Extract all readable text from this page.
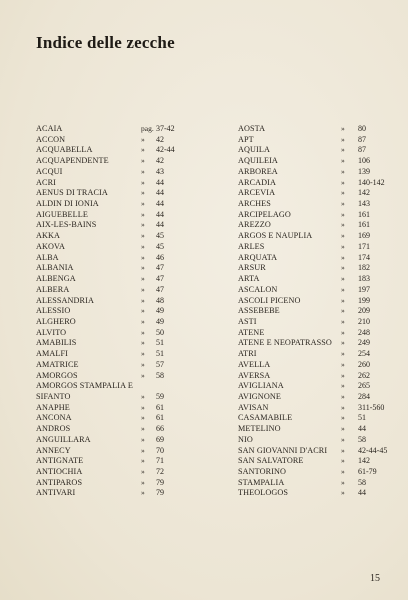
Indice delle zecche
ACAIA	pag. 37-42
ACCON	» 42
ACQUABELLA	» 42-44
ACQUAPENDENTE	» 42
ACQUI	» 43
ACRI	» 44
AENUS DI TRACIA	» 44
ALDIN DI IONIA	» 44
AIGUEBELLE	» 44
AIX-LES-BAINS	» 44
AKKA	» 45
AKOVA	» 45
ALBA	» 46
ALBANIA	» 47
ALBENGA	» 47
ALBERA	» 47
ALESSANDRIA	» 48
ALESSIO	» 49
ALGHERO	» 49
ALVITO	» 50
AMABILIS	» 51
AMALFI	» 51
AMATRICE	» 57
AMORGOS	» 58
AMORGOS STAMPALIA E
SIFANTO	» 59
ANAPHE	» 61
ANCONA	» 61
ANDROS	» 66
ANGUILLARA	» 69
ANNECY	» 70
ANTIGNATE	» 71
ANTIOCHIA	» 72
ANTIPAROS	» 79
ANTIVARI	» 79
AOSTA	» 80
APT	» 87
AQUILA	» 87
AQUILEIA	» 106
ARBOREA	» 139
ARCADIA	» 140-142
ARCEVIA	» 142
ARCHES	» 143
ARCIPELAGO	» 161
AREZZO	» 161
ARGOS E NAUPLIA	» 169
ARLES	» 171
ARQUATA	» 174
ARSUR	» 182
ARTA	» 183
ASCALON	» 197
ASCOLI PICENO	» 199
ASSEBEBE	» 209
ASTI	» 210
ATENE	» 248
ATENE E NEOPATRASSO » 249
ATRI	» 254
AVELLA	» 260
AVERSA	» 262
AVIGLIANA	» 265
AVIGNONE	» 284
AVISAN	» 311-560
CASAMABILE	» 51
METELINO	» 44
NIO	» 58
SAN GIOVANNI D'ACRI » 42-44-45
SAN SALVATORE	» 142
SANTORINO	» 61-79
STAMPALIA	» 58
THEOLOGOS	» 44
15
